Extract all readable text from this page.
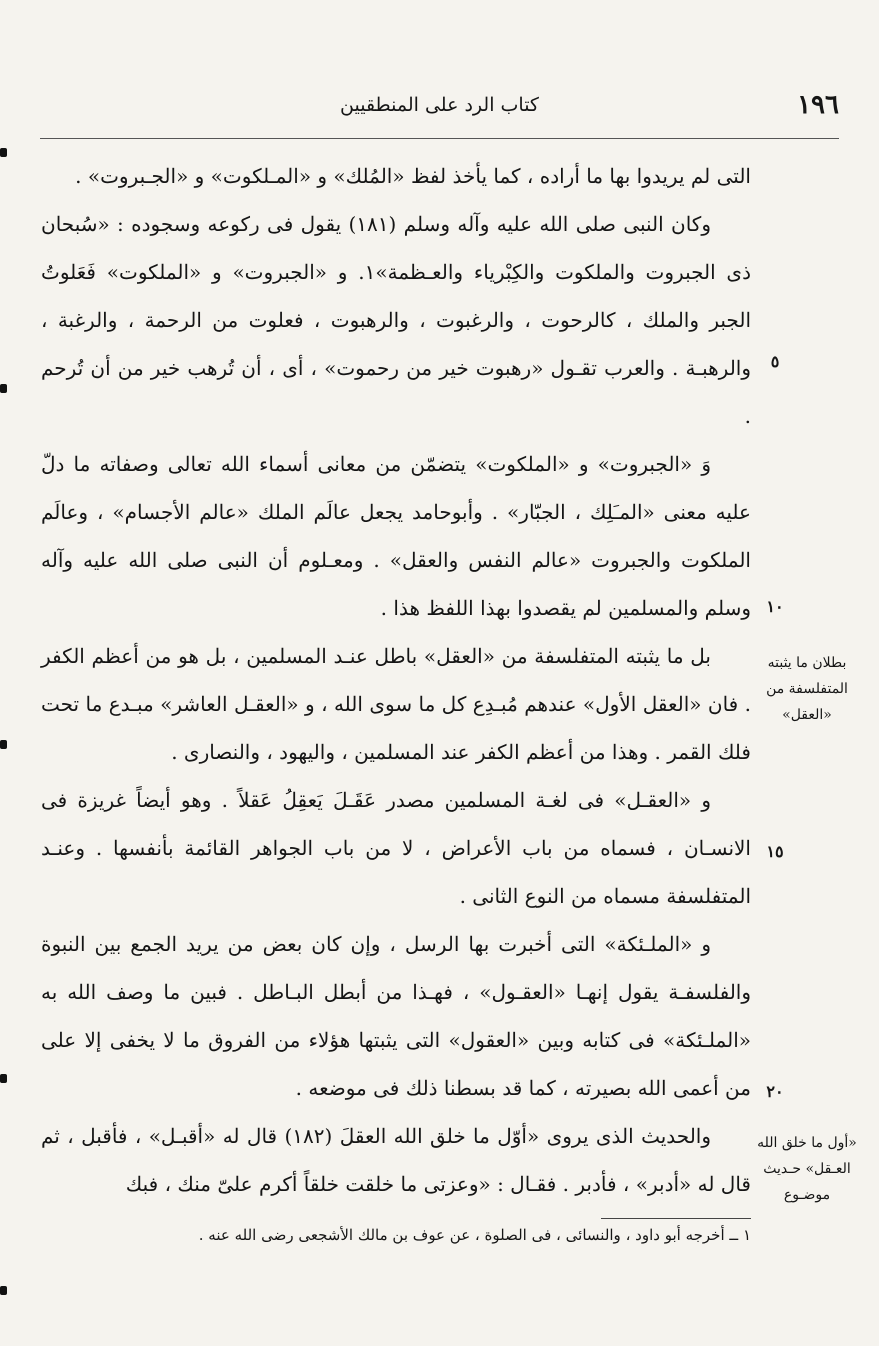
١٩٦
كتاب الرد على المنطقيين

التى لم يريدوا بها ما أراده ، كما يأخذ لفظ «المُلك» و «المـلكوت» و «الجـبروت» .

وكان النبى صلى الله عليه وآله وسلم (١٨١) يقول فى ركوعه وسجوده : «سُبحان ذى الجبروت والملكوت والكِبْرياء والعـظمة»١. و «الجبروت» و «الملكوت» فَعَلوتُ الجبر والملك ، كالرحوت ، والرغبوت ، والرهبوت ، فعلوت من الرحمة ، والرغبة ، والرهبـة . والعرب تقـول «رهبوت خير من رحموت» ، أى ، أن تُرهب خير من أن تُرحم .

وَ «الجبروت» و «الملكوت» يتضمّن من معانى أسماء الله تعالى وصفاته ما دلّ عليه معنى «المـَلِك ، الجبّار» . وأبوحامد يجعل عالَم الملك «عالم الأجسام» ، وعالَم الملكوت والجبروت «عالم النفس والعقل» . ومعـلوم أن النبى صلى الله عليه وآله وسلم والمسلمين لم يقصدوا بهذا اللفظ هذا .

بل ما يثبته المتفلسفة من «العقل» باطل عنـد المسلمين ، بل هو من أعظم الكفر . فان «العقل الأول» عندهم مُبـدِع كل ما سوى الله ، و «العقـل العاشر» مبـدع ما تحت فلك القمر . وهذا من أعظم الكفر عند المسلمين ، واليهود ، والنصارى .

و «العقـل» فى لغـة المسلمين مصدر عَقَـلَ يَعقِلُ عَقلاً . وهو أيضاً غريزة فى الانسـان ، فسماه من باب الأعراض ، لا من باب الجواهر القائمة بأنفسها . وعنـد المتفلسفة مسماه من النوع الثانى .

و «الملـئكة» التى أخبرت بها الرسل ، وإن كان بعض من يريد الجمع بين النبوة والفلسفـة يقول إنهـا «العقـول» ، فهـذا من أبطل البـاطل . فبين ما وصف الله به «الملـئكة» فى كتابه وبين «العقول» التى يثبتها هؤلاء من الفروق ما لا يخفى إلا على من أعمى الله بصيرته ، كما قد بسطنا ذلك فى موضعه .

والحديث الذى يروى «أوّل ما خلق الله العقلَ (١٨٢) قال له «أقبـل» ، فأقبل ، ثم قال له «أدبر» ، فأدبر . فقـال : «وعزتى ما خلقت خلقاً أكرم علىّ منك ، فبك

٥
١٠
١٥
٢٠
بطلان ما يثبته المتفلسفة من «العقل»
«أول ما خلق الله العـقل» حـديث موضـوع
١ ــ أخرجه أبو داود ، والنسائى ، فى الصلوة ، عن عوف بن مالك الأشجعى رضى الله عنه .
